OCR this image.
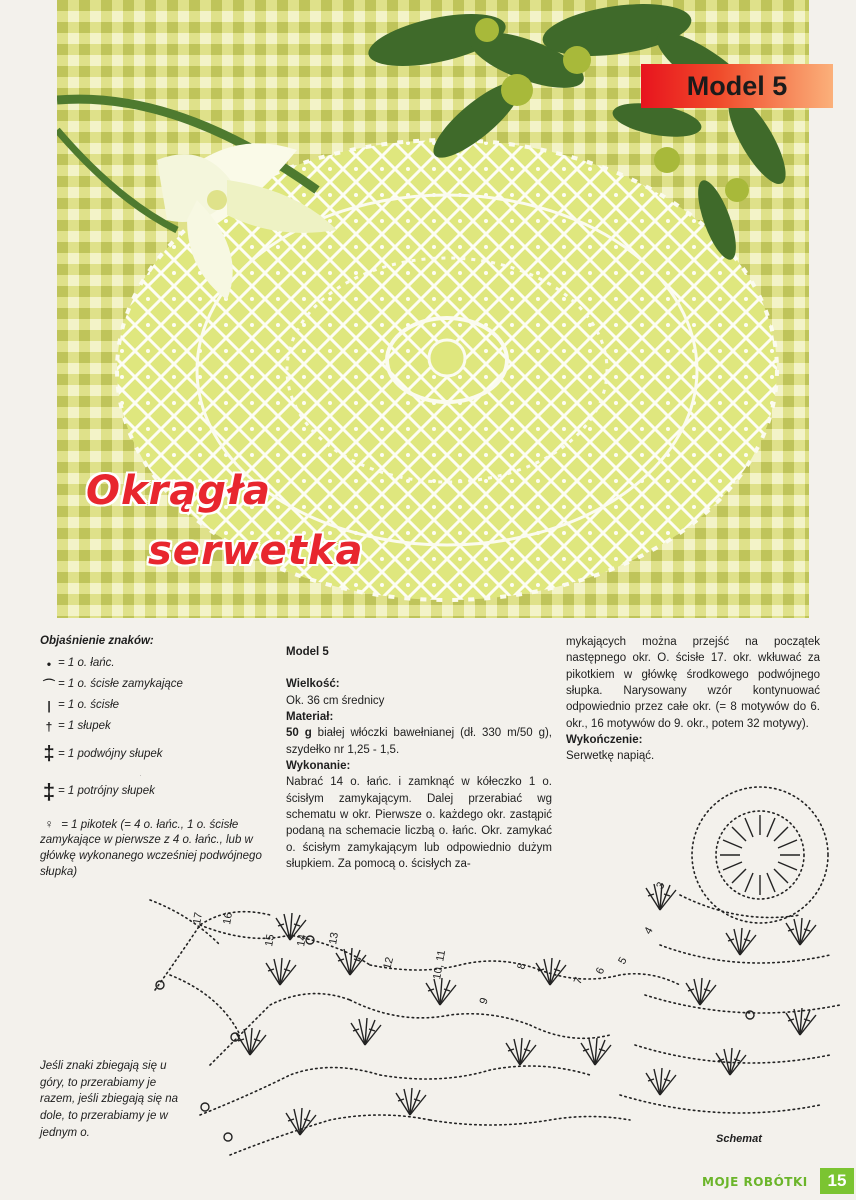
Model 5
Okrągła
serwetka
Objaśnienie znaków:
• = 1 o. łańc.
⌒ = 1 o. ścisłe zamykające
| = 1 o. ścisłe
† = 1 słupek
‡ = 1 podwójny słupek
‡ = 1 potrójny słupek
♀ = 1 pikotek (= 4 o. łańc., 1 o. ścisłe zamykające w pierwsze z 4 o. łańc., lub w główkę wykonanego wcześniej podwójnego słupka)

Model 5

Wielkość:

Ok. 36 cm średnicy

Materiał:

50 g białej włóczki bawełnianej (dł. 330 m/50 g), szydełko nr 1,25 - 1,5.

Wykonanie:

Nabrać 14 o. łańc. i zamknąć w kółeczko 1 o. ścisłym zamykającym. Dalej przerabiać wg schematu w okr. Pierwsze o. każdego okr. zastąpić podaną na schemacie liczbą o. łańc. Okr. zamykać o. ścisłym zamykającym lub odpowiednio dużym słupkiem. Za pomocą o. ścisłych za-

mykających można przejść na początek następnego okr. O. ścisłe 17. okr. wkłuwać za pikotkiem w główkę środkowego podwójnego słupka. Narysowany wzór kontynuować odpowiednio przez całe okr. (= 8 motywów do 6. okr., 16 motywów do 9. okr., potem 32 motywy).

Wykończenie:

Serwetkę napiąć.

17 16
15 14 13
12	10, 11
9
8
7
6
5
4
3
Jeśli znaki zbiegają się u góry, to przerabiamy je razem, jeśli zbiegają się na dole, to przerabiamy je w jednym o.
Schemat
MOJE ROBÓTKI	15
